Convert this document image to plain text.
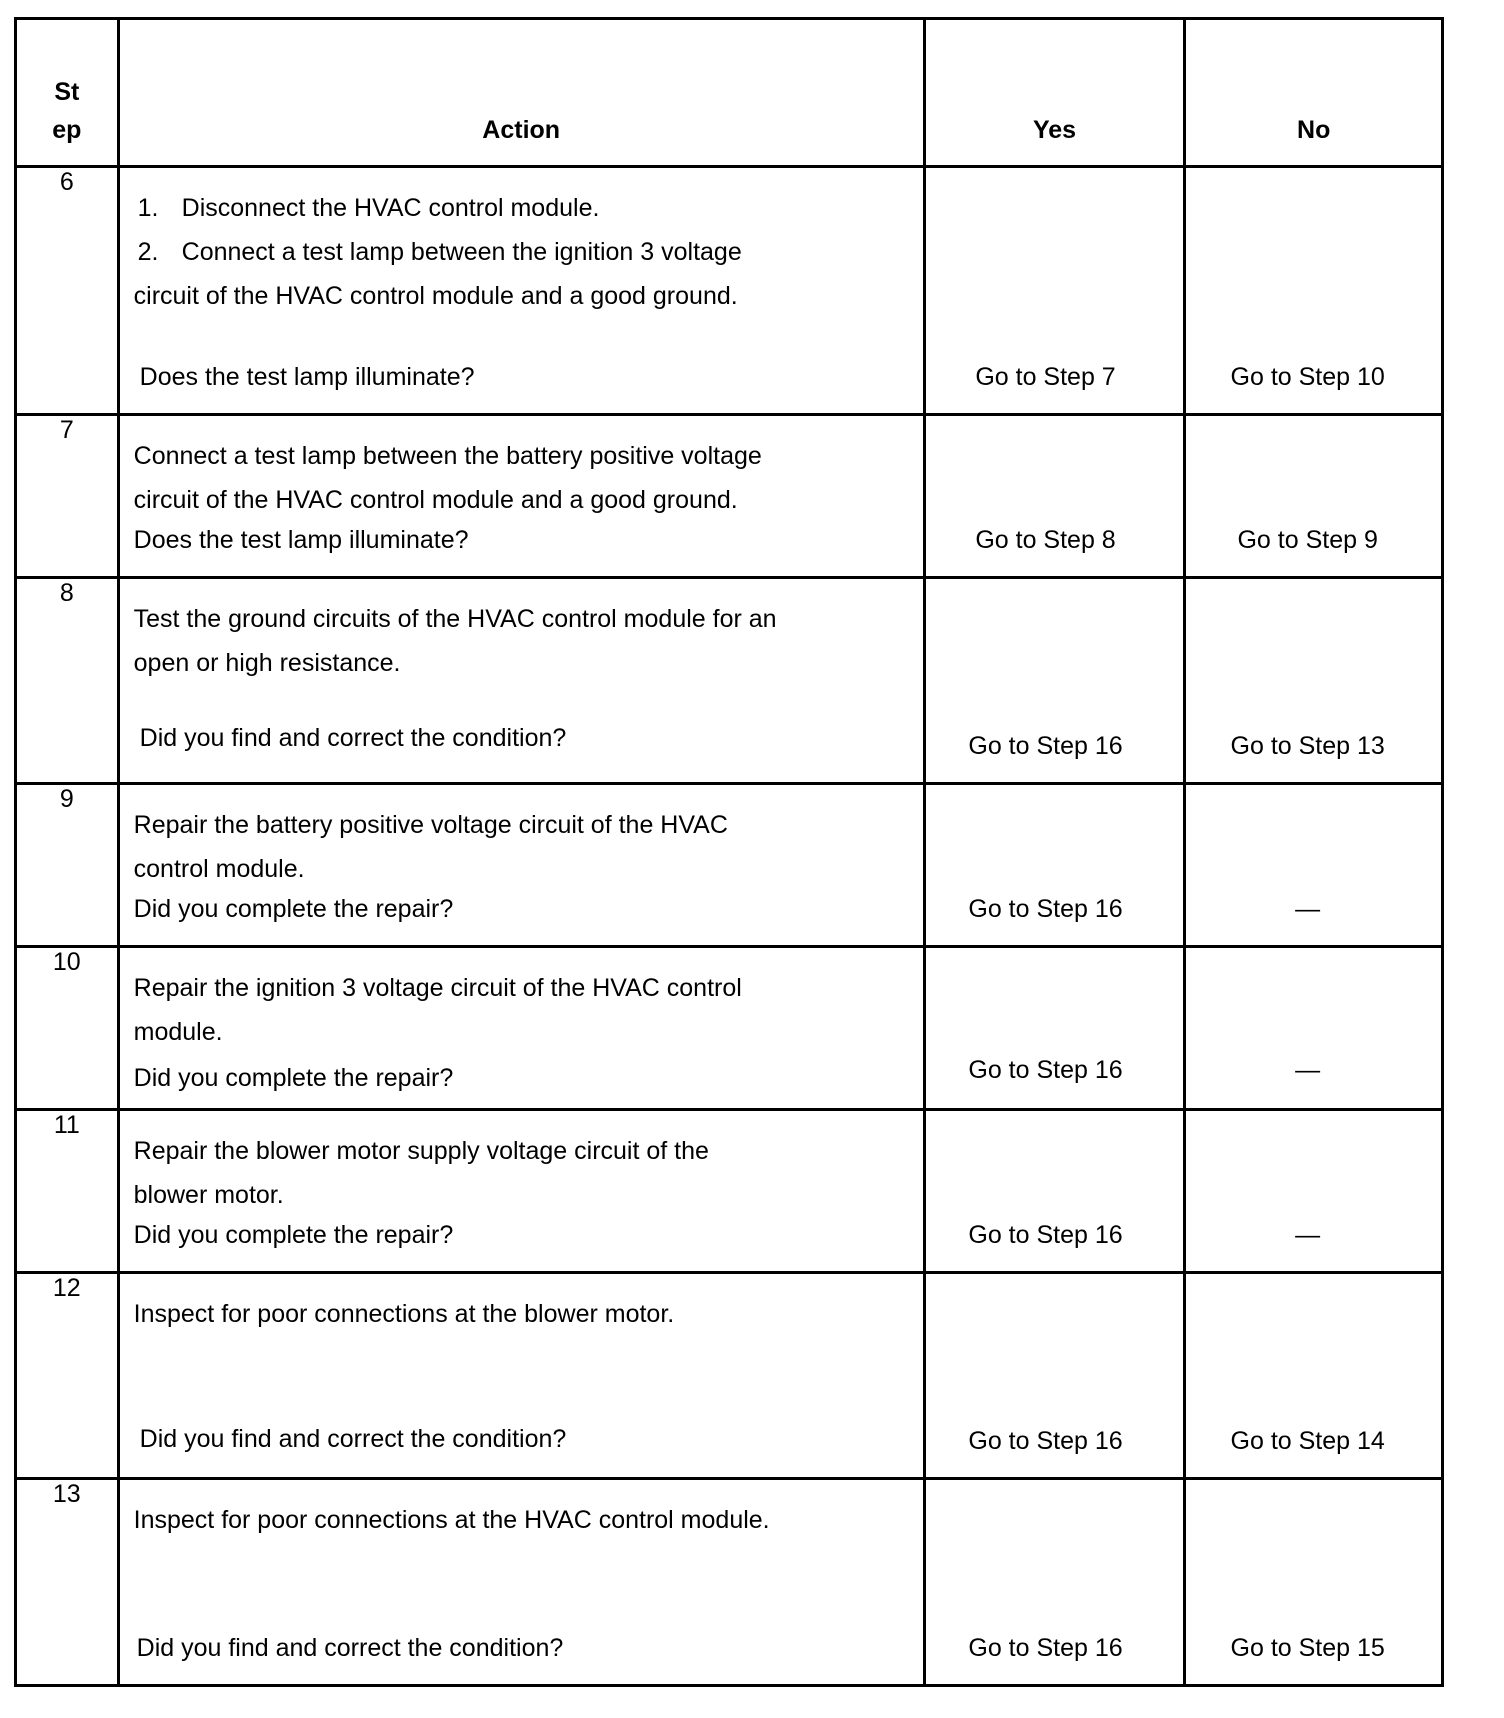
St
ep	Action	Yes	No

6	1. Disconnect the HVAC control module.
2. Connect a test lamp between the ignition 3 voltage
circuit of the HVAC control module and a good ground.
Does the test lamp illuminate?	Go to Step 7	Go to Step 10

7	Connect a test lamp between the battery positive voltage
circuit of the HVAC control module and a good ground.
Does the test lamp illuminate?	Go to Step 8	Go to Step 9

8	Test the ground circuits of the HVAC control module for an
open or high resistance.
Did you find and correct the condition?	Go to Step 16	Go to Step 13

9	Repair the battery positive voltage circuit of the HVAC
control module.
Did you complete the repair?	Go to Step 16	—

10	Repair the ignition 3 voltage circuit of the HVAC control
module.
Did you complete the repair?	Go to Step 16	—

11	Repair the blower motor supply voltage circuit of the
blower motor.
Did you complete the repair?	Go to Step 16	—

12	Inspect for poor connections at the blower motor.
Did you find and correct the condition?	Go to Step 16	Go to Step 14

13	Inspect for poor connections at the HVAC control module.
Did you find and correct the condition?	Go to Step 16	Go to Step 15
